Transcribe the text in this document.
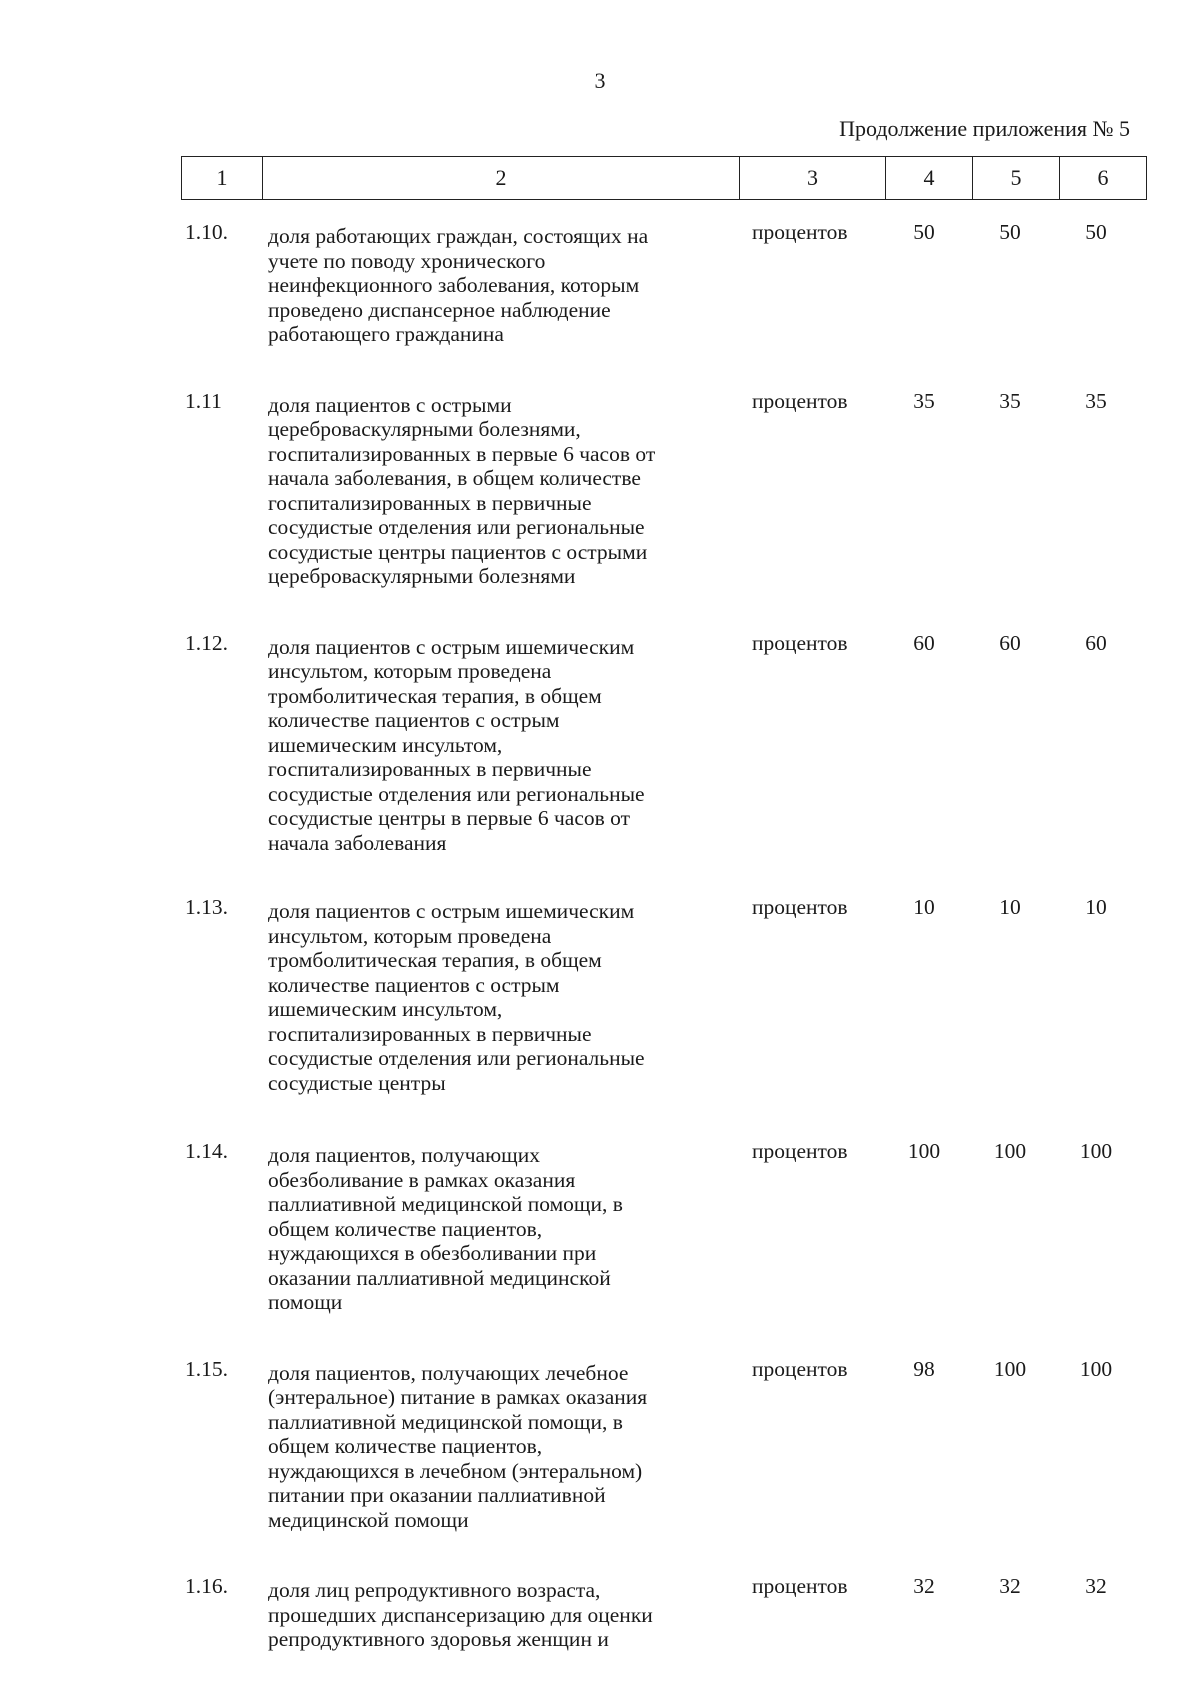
3
Продолжение приложения № 5
1	2	3	4	5	6
1.10.	доля работающих граждан, состоящих на
учете по поводу хронического
неинфекционного заболевания, которым
проведено диспансерное наблюдение
работающего гражданина
процентов	50	50	50
1.11	доля пациентов с острыми
цереброваскулярными болезнями,
госпитализированных в первые 6 часов от
начала заболевания, в общем количестве
госпитализированных в первичные
сосудистые отделения или региональные
сосудистые центры пациентов с острыми
цереброваскулярными болезнями
процентов	35	35	35
1.12.	доля пациентов с острым ишемическим
инсультом, которым проведена
тромболитическая терапия, в общем
количестве пациентов с острым
ишемическим инсультом,
госпитализированных в первичные
сосудистые отделения или региональные
сосудистые центры в первые 6 часов от
начала заболевания
процентов	60	60	60
1.13.	доля пациентов с острым ишемическим
инсультом, которым проведена
тромболитическая терапия, в общем
количестве пациентов с острым
ишемическим инсультом,
госпитализированных в первичные
сосудистые отделения или региональные
сосудистые центры
процентов	10	10	10
1.14.	доля пациентов, получающих
обезболивание в рамках оказания
паллиативной медицинской помощи, в
общем количестве пациентов,
нуждающихся в обезболивании при
оказании паллиативной медицинской
помощи
процентов	100	100	100
1.15.	доля пациентов, получающих лечебное
(энтеральное) питание в рамках оказания
паллиативной медицинской помощи, в
общем количестве пациентов,
нуждающихся в лечебном (энтеральном)
питании при оказании паллиативной
медицинской помощи
процентов	98	100	100
1.16.	доля лиц репродуктивного возраста,
прошедших диспансеризацию для оценки
репродуктивного здоровья женщин и
процентов	32	32	32
